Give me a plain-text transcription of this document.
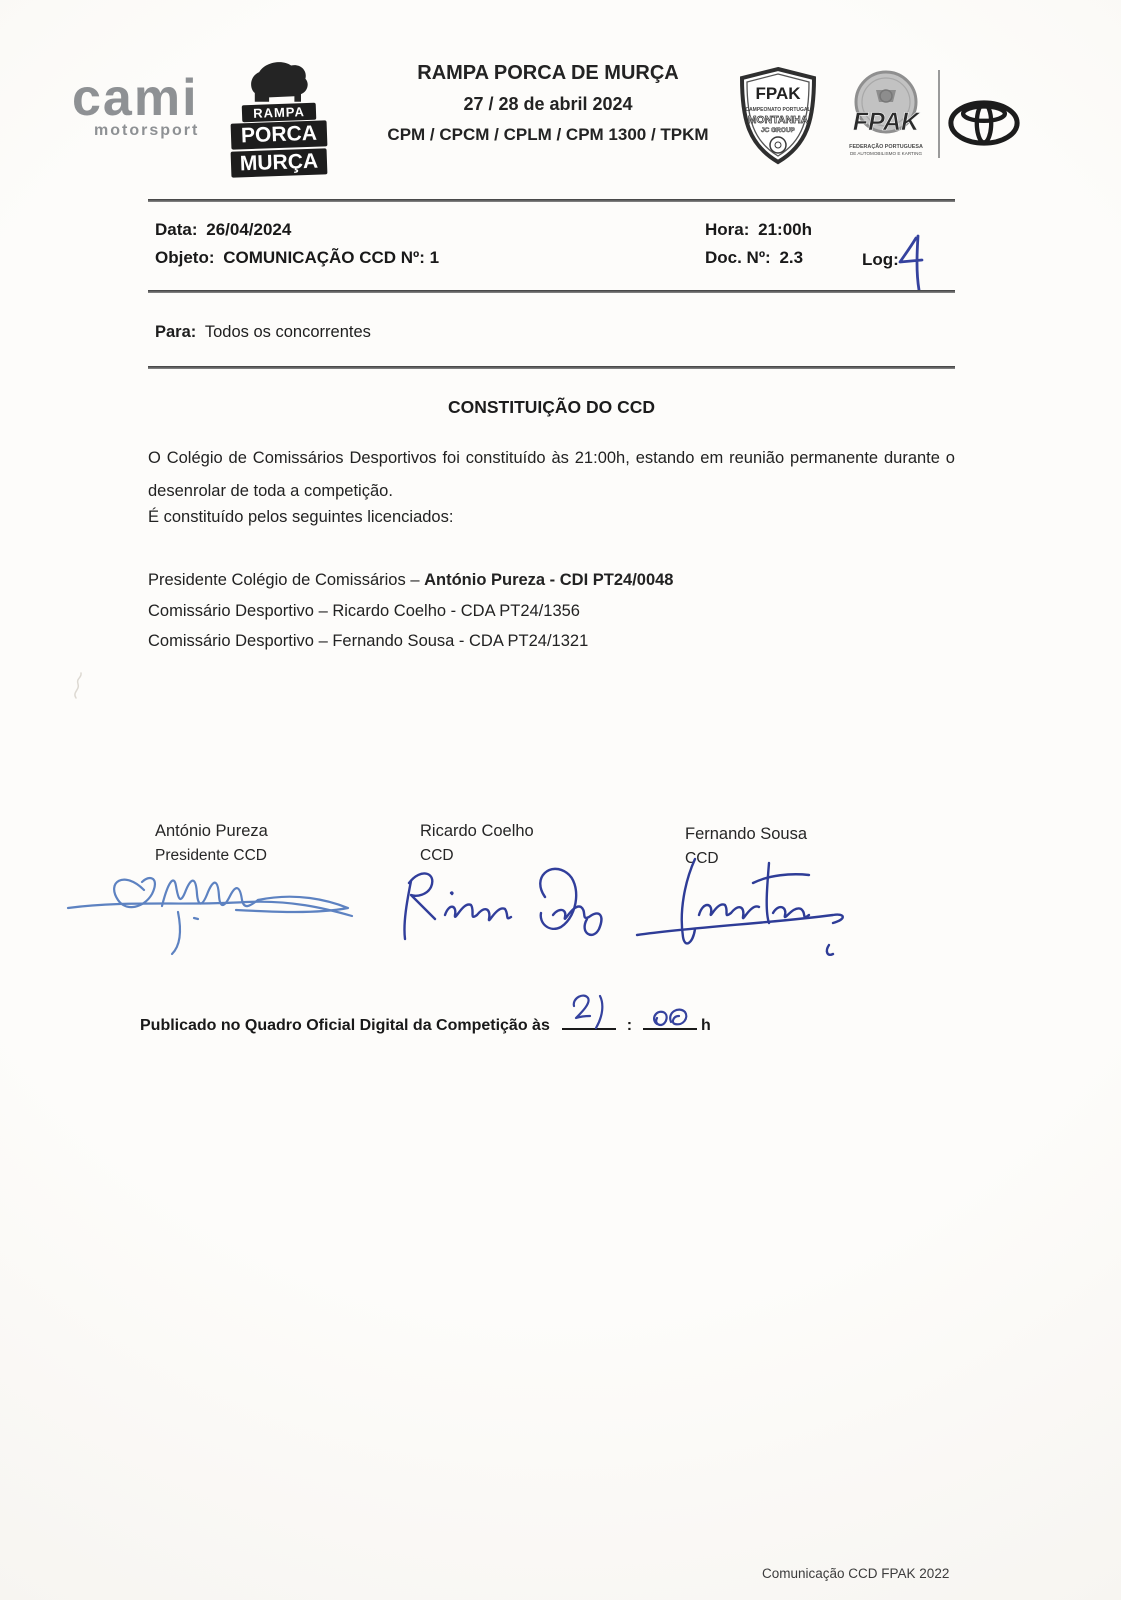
cami
motorsport
RAMPA
PORCA
MURÇA
RAMPA PORCA DE MURÇA
27 / 28 de abril 2024
CPM / CPCM / CPLM / CPM 1300 / TPKM
FPAK
CAMPEONATO PORTUGAL
MONTANHA
JC GROUP FPAK
FEDERAÇÃO PORTUGUESA
DE AUTOMOBILISMO E KARTING
Data: 26/04/2024	Hora: 21:00h
Objeto: COMUNICAÇÃO CCD Nº: 1	Doc. Nº: 2.3	Log:
Para: Todos os concorrentes
CONSTITUIÇÃO DO CCD
O Colégio de Comissários Desportivos foi constituído às 21:00h, estando em reunião permanente durante o desenrolar de toda a competição.
É constituído pelos seguintes licenciados:
Presidente Colégio de Comissários – António Pureza - CDI PT24/0048
Comissário Desportivo – Ricardo Coelho - CDA PT24/1356
Comissário Desportivo – Fernando Sousa - CDA PT24/1321
António Pureza
Presidente CCD
Ricardo Coelho
CCD
Fernando Sousa
CCD
Publicado no Quadro Oficial Digital da Competição às	:	h
Comunicação CCD FPAK 2022
